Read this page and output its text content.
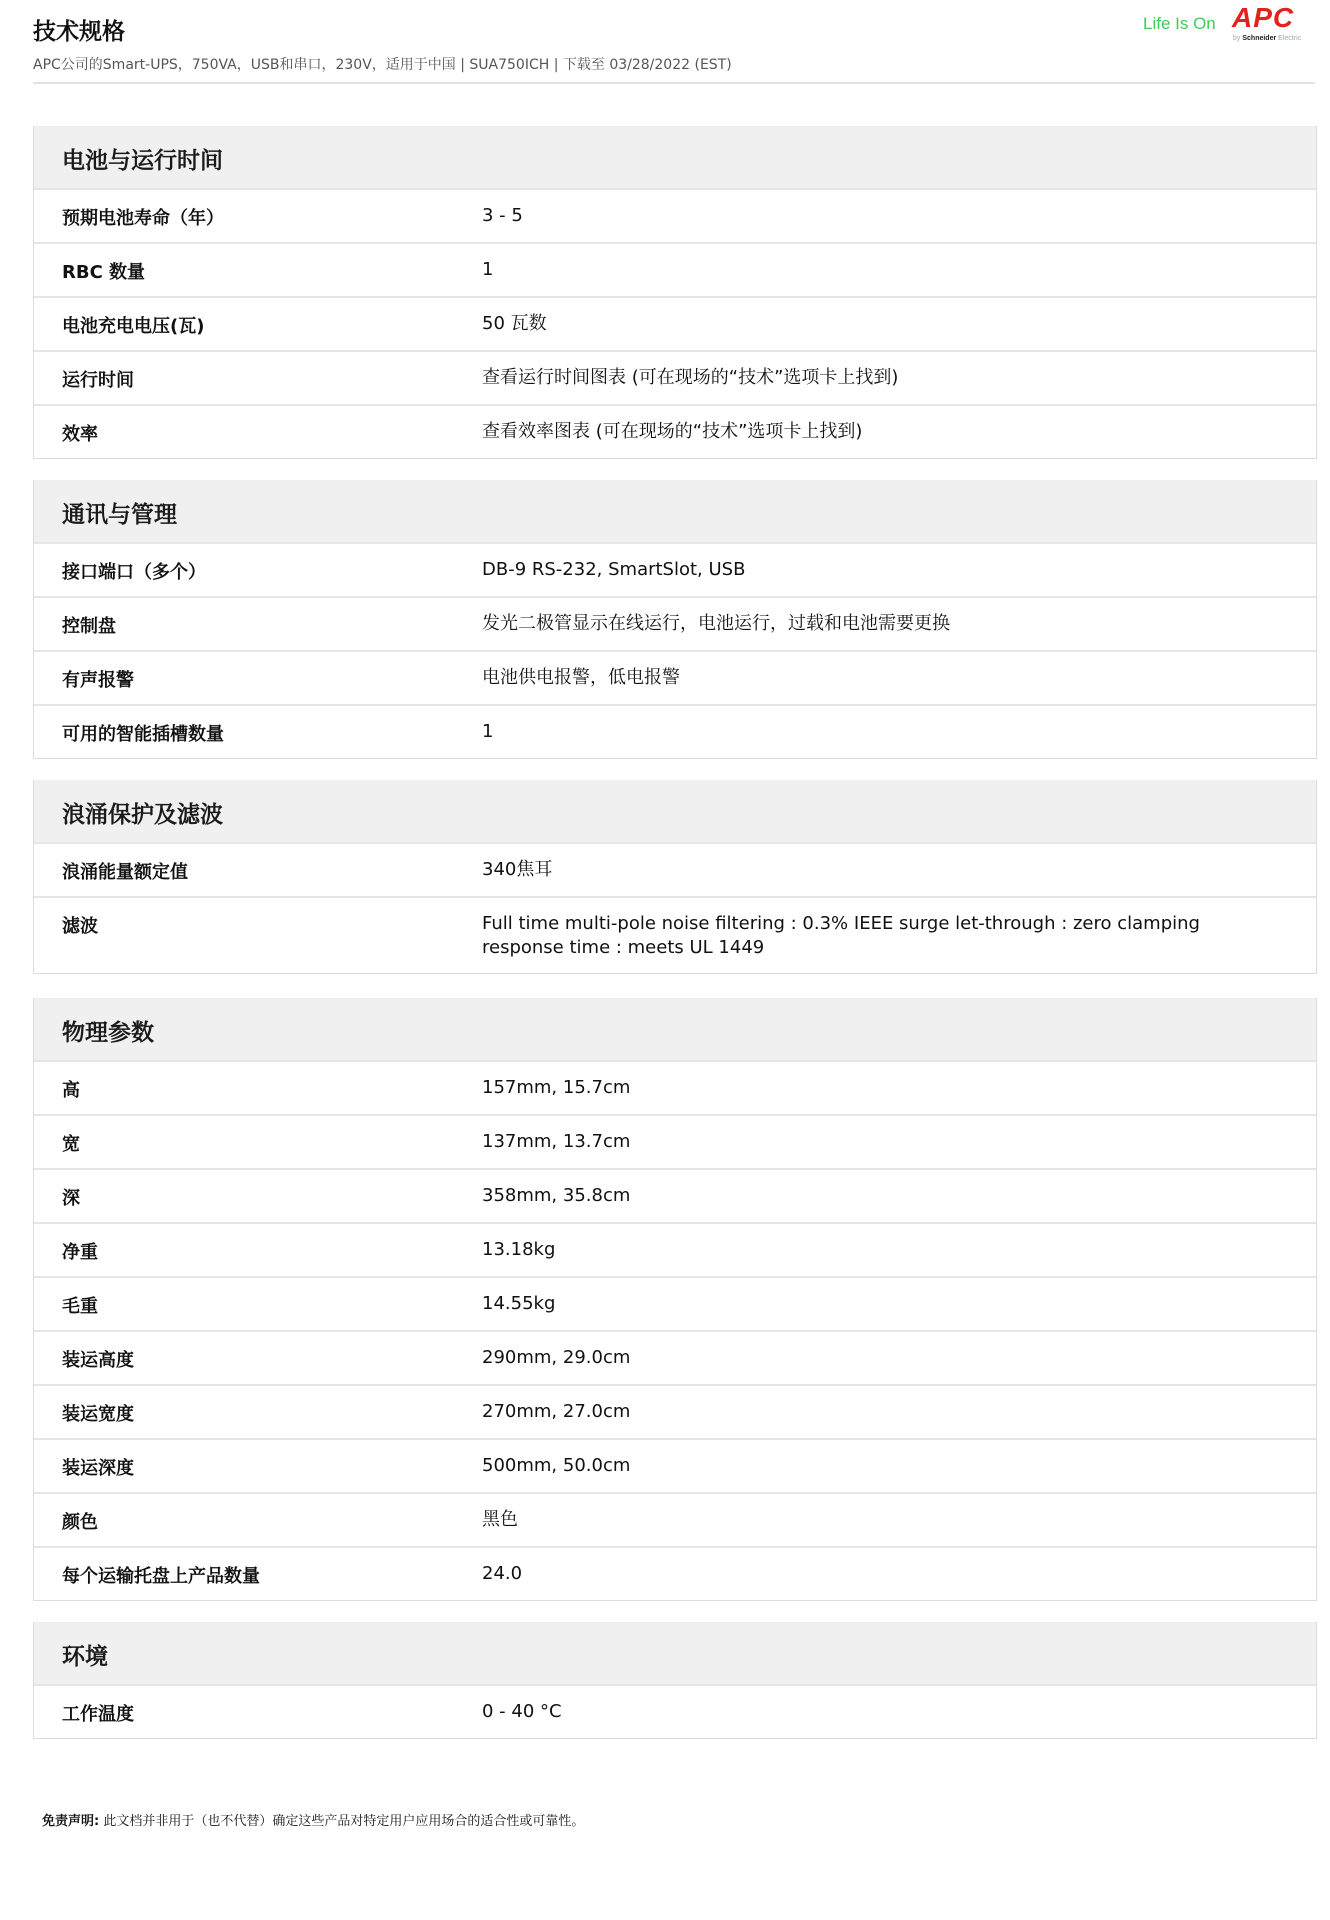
技术规格
APC公司的Smart-UPS，750VA，USB和串口，230V，适用于中国 | SUA750ICH | 下载至 03/28/2022 (EST)
Life Is On APC
by Schneider Electric
电池与运行时间
预期电池寿命（年）	3 - 5
RBC 数量	1
电池充电电压(瓦)	50 瓦数
运行时间	查看运行时间图表 (可在现场的“技术”选项卡上找到)
效率	查看效率图表 (可在现场的“技术”选项卡上找到)
通讯与管理
接口端口（多个）	DB-9 RS-232, SmartSlot, USB
控制盘	发光二极管显示在线运行，电池运行，过载和电池需要更换
有声报警	电池供电报警，低电报警
可用的智能插槽数量	1
浪涌保护及滤波
浪涌能量额定值	340焦耳
滤波	Full time multi-pole noise filtering : 0.3% IEEE surge let-through : zero clamping response time : meets UL 1449
物理参数
高	157mm, 15.7cm
宽	137mm, 13.7cm
深	358mm, 35.8cm
净重	13.18kg
毛重	14.55kg
装运高度	290mm, 29.0cm
装运宽度	270mm, 27.0cm
装运深度	500mm, 50.0cm
颜色	黑色
每个运输托盘上产品数量	24.0
环境
工作温度	0 - 40 °C
免责声明: 此文档并非用于（也不代替）确定这些产品对特定用户应用场合的适合性或可靠性。
